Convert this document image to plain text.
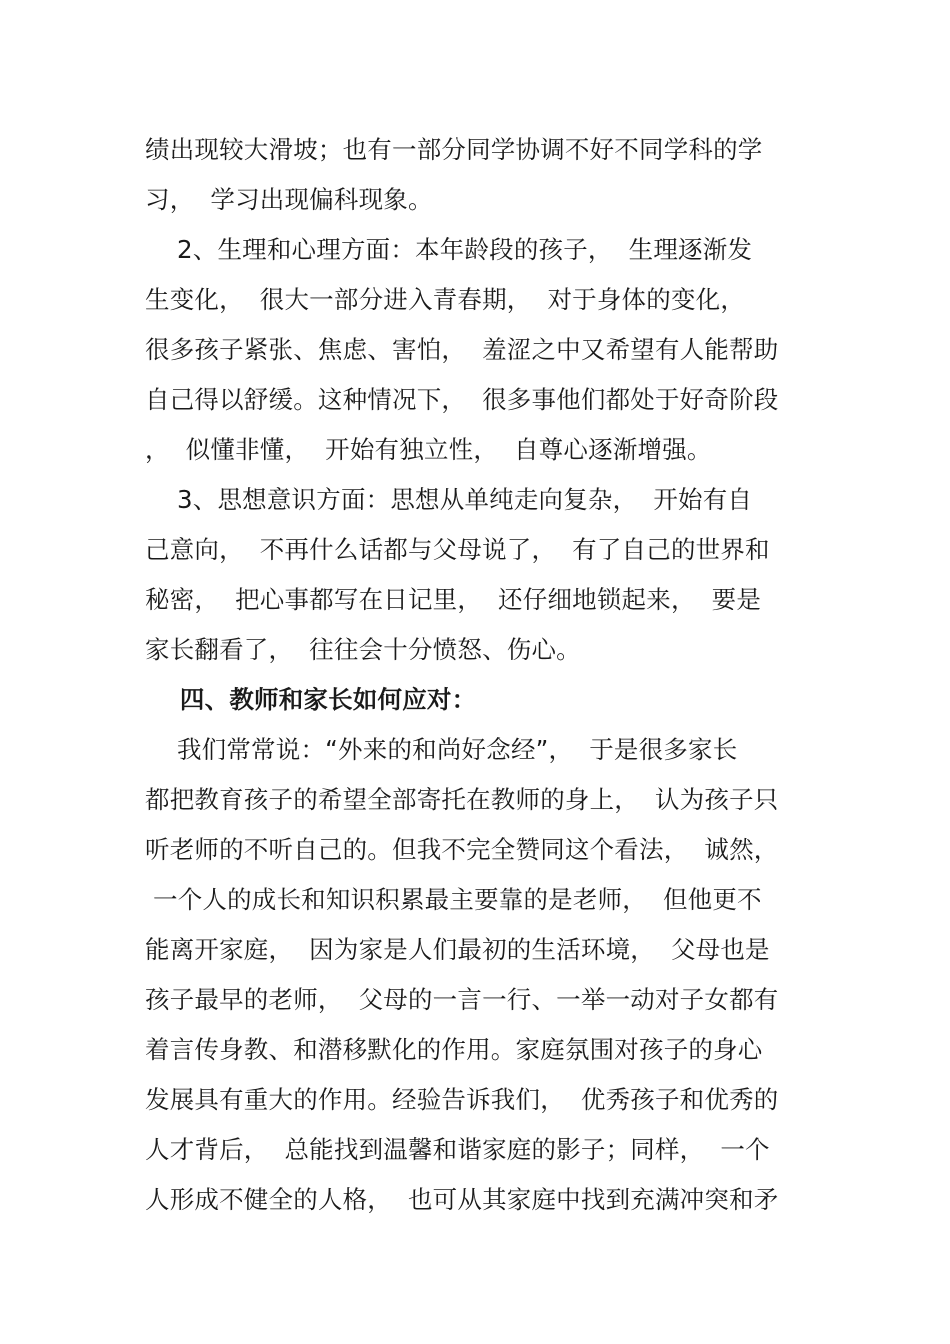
绩出现较大滑坡；也有一部分同学协调不好不同学科的学
习，  学习出现偏科现象。
2、生理和心理方面：本年龄段的孩子，  生理逐渐发
生变化，  很大一部分进入青春期，  对于身体的变化，
很多孩子紧张、焦虑、害怕，  羞涩之中又希望有人能帮助
自己得以舒缓。这种情况下，  很多事他们都处于好奇阶段
，  似懂非懂，  开始有独立性，  自尊心逐渐增强。
3、思想意识方面：思想从单纯走向复杂，  开始有自
己意向，  不再什么话都与父母说了，  有了自己的世界和
秘密，  把心事都写在日记里，  还仔细地锁起来，  要是
家长翻看了，  往往会十分愤怒、伤心。
四、教师和家长如何应对：
我们常常说：“外来的和尚好念经”，  于是很多家长
都把教育孩子的希望全部寄托在教师的身上，  认为孩子只
听老师的不听自己的。但我不完全赞同这个看法，  诚然，
一个人的成长和知识积累最主要靠的是老师，  但他更不
能离开家庭，  因为家是人们最初的生活环境，  父母也是
孩子最早的老师，  父母的一言一行、一举一动对子女都有
着言传身教、和潜移默化的作用。家庭氛围对孩子的身心
发展具有重大的作用。经验告诉我们，  优秀孩子和优秀的
人才背后，  总能找到温馨和谐家庭的影子；同样，  一个
人形成不健全的人格，  也可从其家庭中找到充满冲突和矛
